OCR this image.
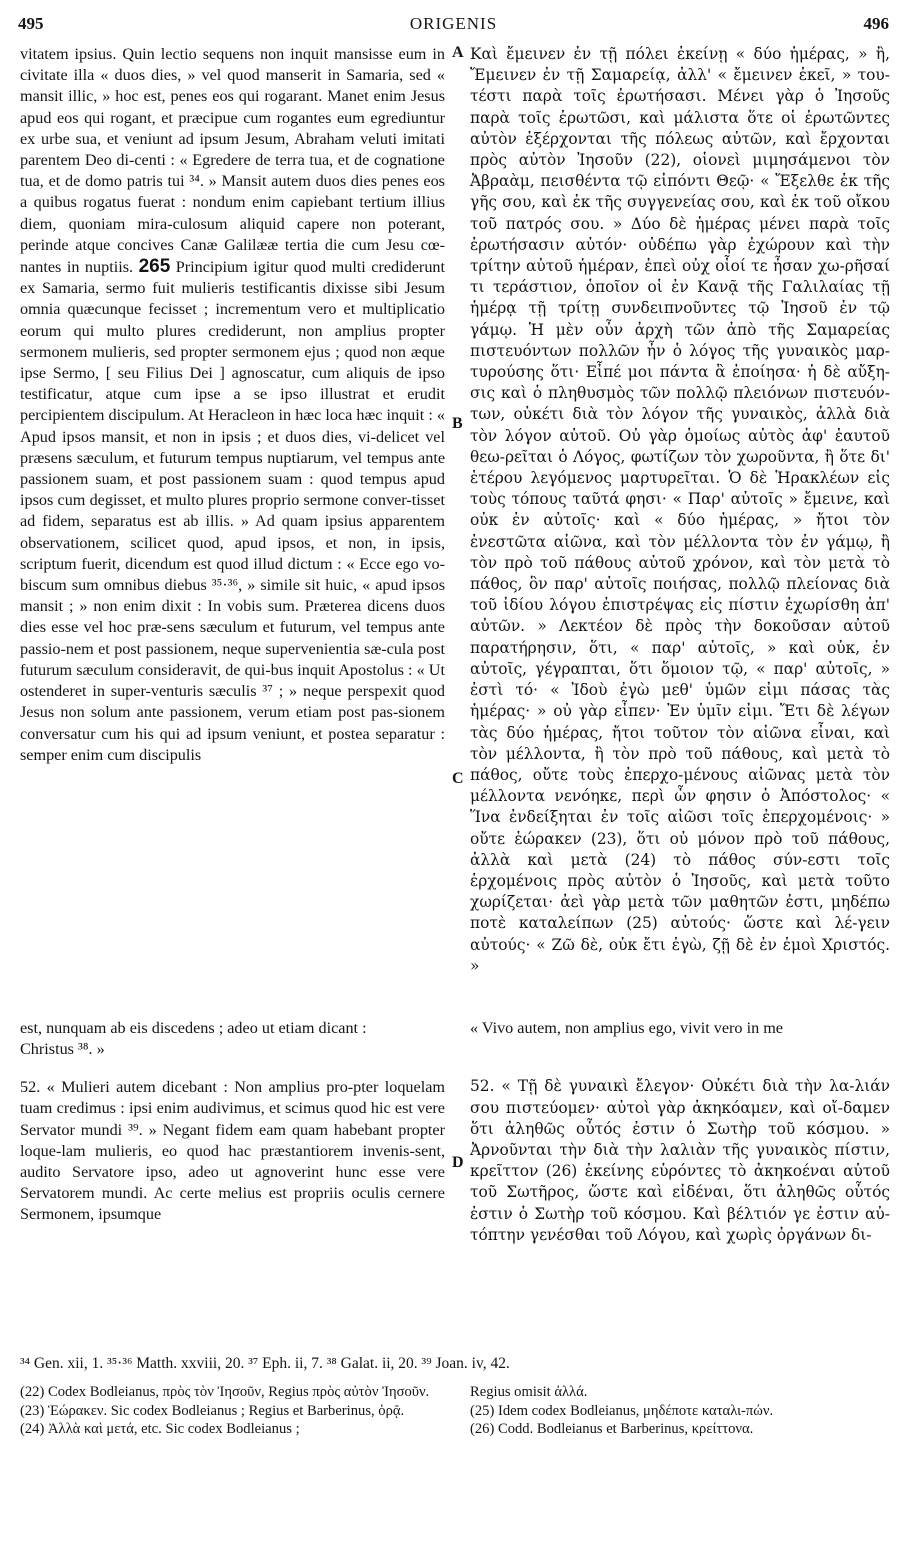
495	ORIGENIS	496

vitatem ipsius. Quin lectio sequens non inquit mansisse eum in civitate illa « duos dies, » vel quod manserit in Samaria, sed « mansit illic, » hoc est, penes eos qui rogarant. Manet enim Jesus apud eos qui rogant, et præcipue cum rogantes eum egrediuntur ex urbe sua, et veniunt ad ipsum Jesum, Abraham veluti imitati parentem Deo di-centi : « Egredere de terra tua, et de cognatione tua, et de domo patris tui ³⁴. » Mansit autem duos dies penes eos a quibus rogatus fuerat : nondum enim capiebant tertium illius diem, quoniam mira-culosum aliquid capere non poterant, perinde atque concives Canæ Galilææ tertia die cum Jesu cœ-nantes in nuptiis. 265 Principium igitur quod multi crediderunt ex Samaria, sermo fuit mulieris testificantis dixisse sibi Jesum omnia quæcunque fecisset ; incrementum vero et multiplicatio eorum qui multo plures crediderunt, non amplius propter sermonem mulieris, sed propter sermonem ejus ; quod non æque ipse Sermo, [ seu Filius Dei ] agnoscatur, cum aliquis de ipso testificatur, atque cum ipse a se ipso illustrat et erudit percipientem discipulum. At Heracleon in hæc loca hæc inquit : « Apud ipsos mansit, et non in ipsis ; et duos dies, vi-delicet vel præsens sæculum, et futurum tempus nuptiarum, vel tempus ante passionem suam, et post passionem suam : quod tempus apud ipsos cum degisset, et multo plures proprio sermone conver-tisset ad fidem, separatus est ab illis. » Ad quam ipsius apparentem observationem, scilicet quod, apud ipsos, et non, in ipsis, scriptum fuerit, dicendum est quod illud dictum : « Ecce ego vo-biscum sum omnibus diebus ³⁵·³⁶, » simile sit huic, « apud ipsos mansit ; » non enim dixit : In vobis sum. Præterea dicens duos dies esse vel hoc præ-sens sæculum et futurum, vel tempus ante passio-nem et post passionem, neque supervenientia sæ-cula post futurum sæculum consideravit, de qui-bus inquit Apostolus : « Ut ostenderet in super-venturis sæculis ³⁷ ; » neque perspexit quod Jesus non solum ante passionem, verum etiam post pas-sionem conversatur cum his qui ad ipsum veniunt, et postea separatur : semper enim cum discipulis

Καὶ ἔμεινεν ἐν τῇ πόλει ἐκείνῃ « δύο ἡμέρας, » ἢ, Ἔμεινεν ἐν τῇ Σαμαρείᾳ, ἀλλ' « ἔμεινεν ἐκεῖ, » του-τέστι παρὰ τοῖς ἐρωτήσασι. Μένει γὰρ ὁ Ἰησοῦς παρὰ τοῖς ἐρωτῶσι, καὶ μάλιστα ὅτε οἱ ἐρωτῶντες αὐτὸν ἐξέρχονται τῆς πόλεως αὐτῶν, καὶ ἔρχονται πρὸς αὐτὸν Ἰησοῦν (22), οἱονεὶ μιμησάμενοι τὸν Ἀβραὰμ, πεισθέντα τῷ εἰπόντι Θεῷ· « Ἔξελθε ἐκ τῆς γῆς σου, καὶ ἐκ τῆς συγγενείας σου, καὶ ἐκ τοῦ οἴκου τοῦ πατρός σου. » Δύο δὲ ἡμέρας μένει παρὰ τοῖς ἐρωτήσασιν αὐτόν· οὐδέπω γὰρ ἐχώρουν καὶ τὴν τρίτην αὐτοῦ ἡμέραν, ἐπεὶ οὐχ οἷοί τε ἦσαν χω-ρῆσαί τι τεράστιον, ὁποῖον οἱ ἐν Κανᾷ τῆς Γαλιλαίας τῇ ἡμέρᾳ τῇ τρίτῃ συνδειπνοῦντες τῷ Ἰησοῦ ἐν τῷ γάμῳ. Ἡ μὲν οὖν ἀρχὴ τῶν ἀπὸ τῆς Σαμαρείας πιστευόντων πολλῶν ἦν ὁ λόγος τῆς γυναικὸς μαρ-τυρούσης ὅτι· Εἶπέ μοι πάντα ἃ ἐποίησα· ἡ δὲ αὔξη-σις καὶ ὁ πληθυσμὸς τῶν πολλῷ πλειόνων πιστευόν-των, οὐκέτι διὰ τὸν λόγον τῆς γυναικὸς, ἀλλὰ διὰ τὸν λόγον αὐτοῦ. Οὐ γὰρ ὁμοίως αὐτὸς ἀφ' ἑαυτοῦ θεω-ρεῖται ὁ Λόγος, φωτίζων τὸν χωροῦντα, ἢ ὅτε δι' ἑτέρου λεγόμενος μαρτυρεῖται. Ὁ δὲ Ἡρακλέων εἰς τοὺς τόπους ταῦτά φησι· « Παρ' αὐτοῖς » ἔμεινε, καὶ οὐκ ἐν αὐτοῖς· καὶ « δύο ἡμέρας, » ἤτοι τὸν ἐνεστῶτα αἰῶνα, καὶ τὸν μέλλοντα τὸν ἐν γάμῳ, ἢ τὸν πρὸ τοῦ πάθους αὐτοῦ χρόνον, καὶ τὸν μετὰ τὸ πάθος, ὃν παρ' αὐτοῖς ποιήσας, πολλῷ πλείονας διὰ τοῦ ἰδίου λόγου ἐπιστρέψας εἰς πίστιν ἐχωρίσθη ἀπ' αὐτῶν. » Λεκτέον δὲ πρὸς τὴν δοκοῦσαν αὐτοῦ παρατήρησιν, ὅτι, « παρ' αὐτοῖς, » καὶ οὐκ, ἐν αὐτοῖς, γέγραπται, ὅτι ὅμοιον τῷ, « παρ' αὐτοῖς, » ἐστὶ τό· « Ἰδοὺ ἐγὼ μεθ' ὑμῶν εἰμι πάσας τὰς ἡμέρας· » οὐ γὰρ εἶπεν· Ἐν ὑμῖν εἰμι. Ἔτι δὲ λέγων τὰς δύο ἡμέρας, ἤτοι τοῦτον τὸν αἰῶνα εἶναι, καὶ τὸν μέλλοντα, ἢ τὸν πρὸ τοῦ πάθους, καὶ μετὰ τὸ πάθος, οὔτε τοὺς ἐπερχο-μένους αἰῶνας μετὰ τὸν μέλλοντα νενόηκε, περὶ ὧν φησιν ὁ Ἀπόστολος· « Ἵνα ἐνδείξηται ἐν τοῖς αἰῶσι τοῖς ἐπερχομένοις· » οὔτε ἑώρακεν (23), ὅτι οὐ μόνον πρὸ τοῦ πάθους, ἀλλὰ καὶ μετὰ (24) τὸ πάθος σύν-εστι τοῖς ἐρχομένοις πρὸς αὐτὸν ὁ Ἰησοῦς, καὶ μετὰ τοῦτο χωρίζεται· ἀεὶ γὰρ μετὰ τῶν μαθητῶν ἐστι, μηδέπω ποτὲ καταλείπων (25) αὐτούς· ὥστε καὶ λέ-γειν αὐτούς· « Ζῶ δὲ, οὐκ ἔτι ἐγὼ, ζῇ δὲ ἐν ἐμοὶ Χριστός. »

A
B
C
D
est, nunquam ab eis discedens ; adeo ut etiam dicant :	« Vivo autem, non amplius ego, vivit vero in me
Christus ³⁸. »

52. « Mulieri autem dicebant : Non amplius pro-pter loquelam tuam credimus : ipsi enim audivimus, et scimus quod hic est vere Servator mundi ³⁹. » Negant fidem eam quam habebant propter loque-lam mulieris, eo quod hac præstantiorem invenis-sent, audito Servatore ipso, adeo ut agnoverint hunc esse vere Servatorem mundi. Ac certe melius est propriis oculis cernere Sermonem, ipsumque

52. « Τῇ δὲ γυναικὶ ἔλεγον· Οὐκέτι διὰ τὴν λα-λιάν σου πιστεύομεν· αὐτοὶ γὰρ ἀκηκόαμεν, καὶ οἴ-δαμεν ὅτι ἀληθῶς οὗτός ἐστιν ὁ Σωτὴρ τοῦ κόσμου. » Ἀρνοῦνται τὴν διὰ τὴν λαλιὰν τῆς γυναικὸς πίστιν, κρεῖττον (26) ἐκείνης εὑρόντες τὸ ἀκηκοέναι αὐτοῦ τοῦ Σωτῆρος, ὥστε καὶ εἰδέναι, ὅτι ἀληθῶς οὗτός ἐστιν ὁ Σωτὴρ τοῦ κόσμου. Καὶ βέλτιόν γε ἐστιν αὐ-τόπτην γενέσθαι τοῦ Λόγου, καὶ χωρὶς ὀργάνων δι-

³⁴ Gen. xii, 1. ³⁵·³⁶ Matth. xxviii, 20. ³⁷ Eph. ii, 7. ³⁸ Galat. ii, 20. ³⁹ Joan. iv, 42.

(22) Codex Bodleianus, πρὸς τὸν Ἰησοῦν, Regius πρὸς αὐτὸν Ἰησοῦν.

(23) Ἑώρακεν. Sic codex Bodleianus ; Regius et Barberinus, ὁρᾷ.

(24) Ἀλλὰ καὶ μετά, etc. Sic codex Bodleianus ;

Regius omisit ἀλλά.

(25) Idem codex Bodleianus, μηδέποτε καταλι-πών.

(26) Codd. Bodleianus et Barberinus, κρείττονα.
